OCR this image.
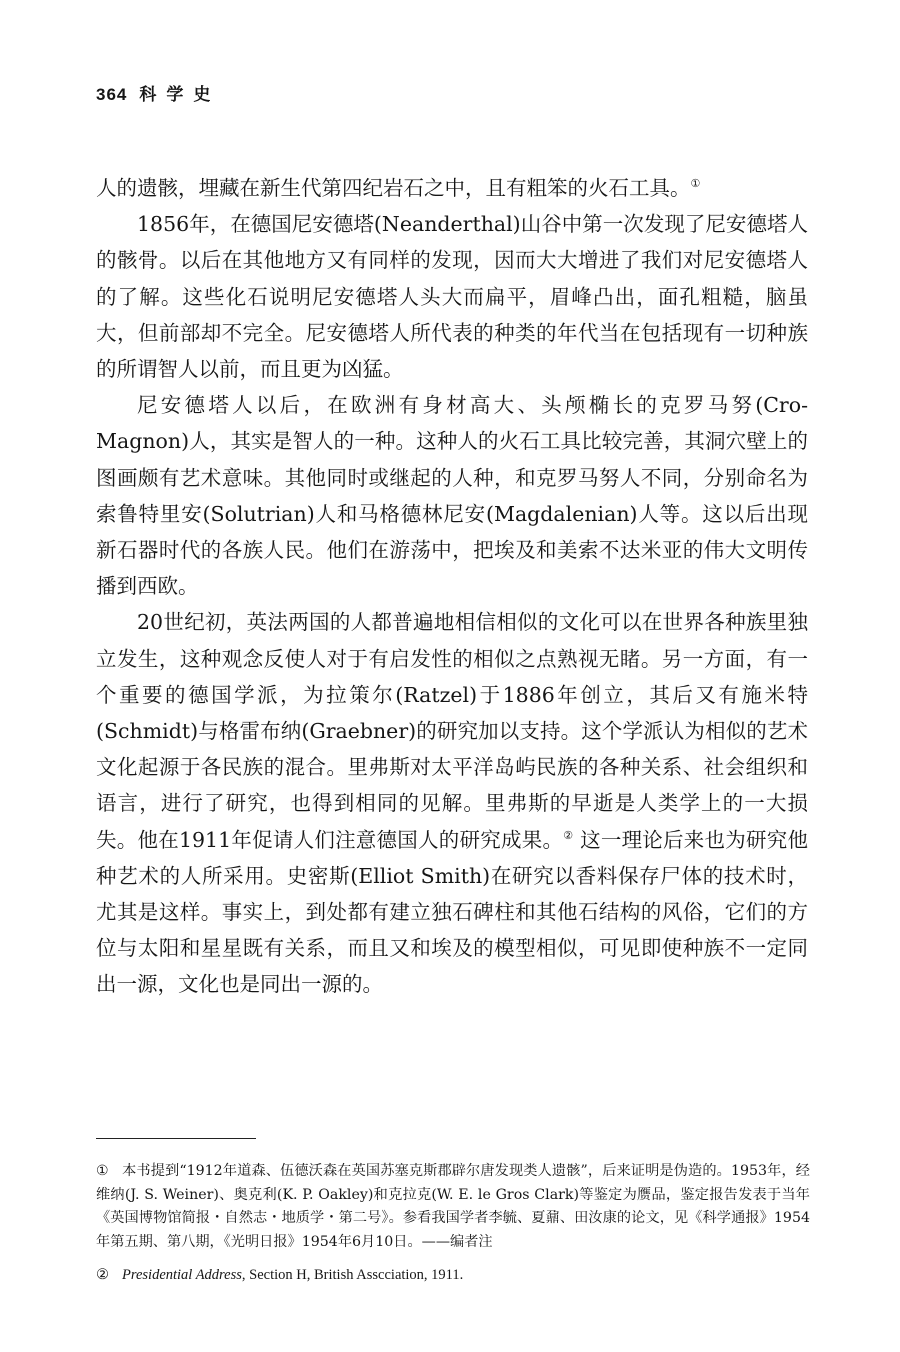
364 科学史

人的遗骸，埋藏在新生代第四纪岩石之中，且有粗笨的火石工具。①

1856年，在德国尼安德塔(Neanderthal)山谷中第一次发现了尼安德塔人的骸骨。以后在其他地方又有同样的发现，因而大大增进了我们对尼安德塔人的了解。这些化石说明尼安德塔人头大而扁平，眉峰凸出，面孔粗糙，脑虽大，但前部却不完全。尼安德塔人所代表的种类的年代当在包括现有一切种族的所谓智人以前，而且更为凶猛。

尼安德塔人以后，在欧洲有身材高大、头颅椭长的克罗马努(Cro-Magnon)人，其实是智人的一种。这种人的火石工具比较完善，其洞穴壁上的图画颇有艺术意味。其他同时或继起的人种，和克罗马努人不同，分别命名为索鲁特里安(Solutrian)人和马格德林尼安(Magdalenian)人等。这以后出现新石器时代的各族人民。他们在游荡中，把埃及和美索不达米亚的伟大文明传播到西欧。

20世纪初，英法两国的人都普遍地相信相似的文化可以在世界各种族里独立发生，这种观念反使人对于有启发性的相似之点熟视无睹。另一方面，有一个重要的德国学派，为拉策尔(Ratzel)于1886年创立，其后又有施米特(Schmidt)与格雷布纳(Graebner)的研究加以支持。这个学派认为相似的艺术文化起源于各民族的混合。里弗斯对太平洋岛屿民族的各种关系、社会组织和语言，进行了研究，也得到相同的见解。里弗斯的早逝是人类学上的一大损失。他在1911年促请人们注意德国人的研究成果。② 这一理论后来也为研究他种艺术的人所采用。史密斯(Elliot Smith)在研究以香料保存尸体的技术时，尤其是这样。事实上，到处都有建立独石碑柱和其他石结构的风俗，它们的方位与太阳和星星既有关系，而且又和埃及的模型相似，可见即使种族不一定同出一源，文化也是同出一源的。

① 本书提到“1912年道森、伍德沃森在英国苏塞克斯郡辟尔唐发现类人遗骸”，后来证明是伪造的。1953年，经维纳(J. S. Weiner)、奥克利(K. P. Oakley)和克拉克(W. E. le Gros Clark)等鉴定为赝品，鉴定报告发表于当年《英国博物馆简报・自然志・地质学・第二号》。参看我国学者李毓、夏鼐、田汝康的论文，见《科学通报》1954年第五期、第八期，《光明日报》1954年6月10日。——编者注

② Presidential Address, Section H, British Asscciation, 1911.
